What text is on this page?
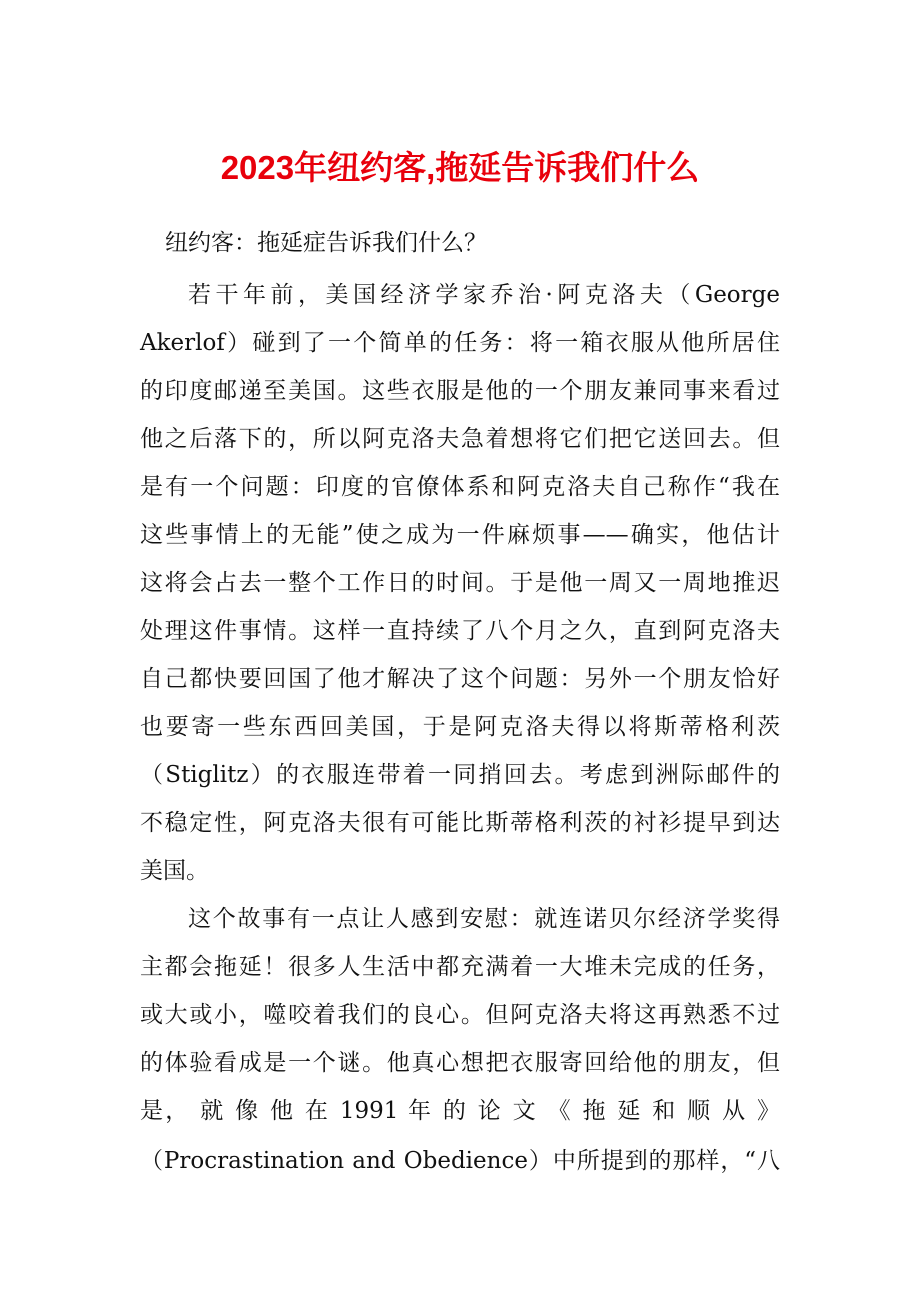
2023年纽约客,拖延告诉我们什么
纽约客：拖延症告诉我们什么？
若干年前，美国经济学家乔治·阿克洛夫（George
Akerlof）碰到了一个简单的任务：将一箱衣服从他所居住
的印度邮递至美国。这些衣服是他的一个朋友兼同事来看过
他之后落下的，所以阿克洛夫急着想将它们把它送回去。但
是有一个问题：印度的官僚体系和阿克洛夫自己称作“我在
这些事情上的无能”使之成为一件麻烦事——确实，他估计
这将会占去一整个工作日的时间。于是他一周又一周地推迟
处理这件事情。这样一直持续了八个月之久，直到阿克洛夫
自己都快要回国了他才解决了这个问题：另外一个朋友恰好
也要寄一些东西回美国，于是阿克洛夫得以将斯蒂格利茨
（Stiglitz）的衣服连带着一同捎回去。考虑到洲际邮件的
不稳定性，阿克洛夫很有可能比斯蒂格利茨的衬衫提早到达
美国。
这个故事有一点让人感到安慰：就连诺贝尔经济学奖得
主都会拖延！很多人生活中都充满着一大堆未完成的任务，
或大或小，噬咬着我们的良心。但阿克洛夫将这再熟悉不过
的体验看成是一个谜。他真心想把衣服寄回给他的朋友，但
是， 就 像 他 在 1991 年 的 论 文 《 拖 延 和 顺 从 》
（Procrastination and Obedience）中所提到的那样，“八
